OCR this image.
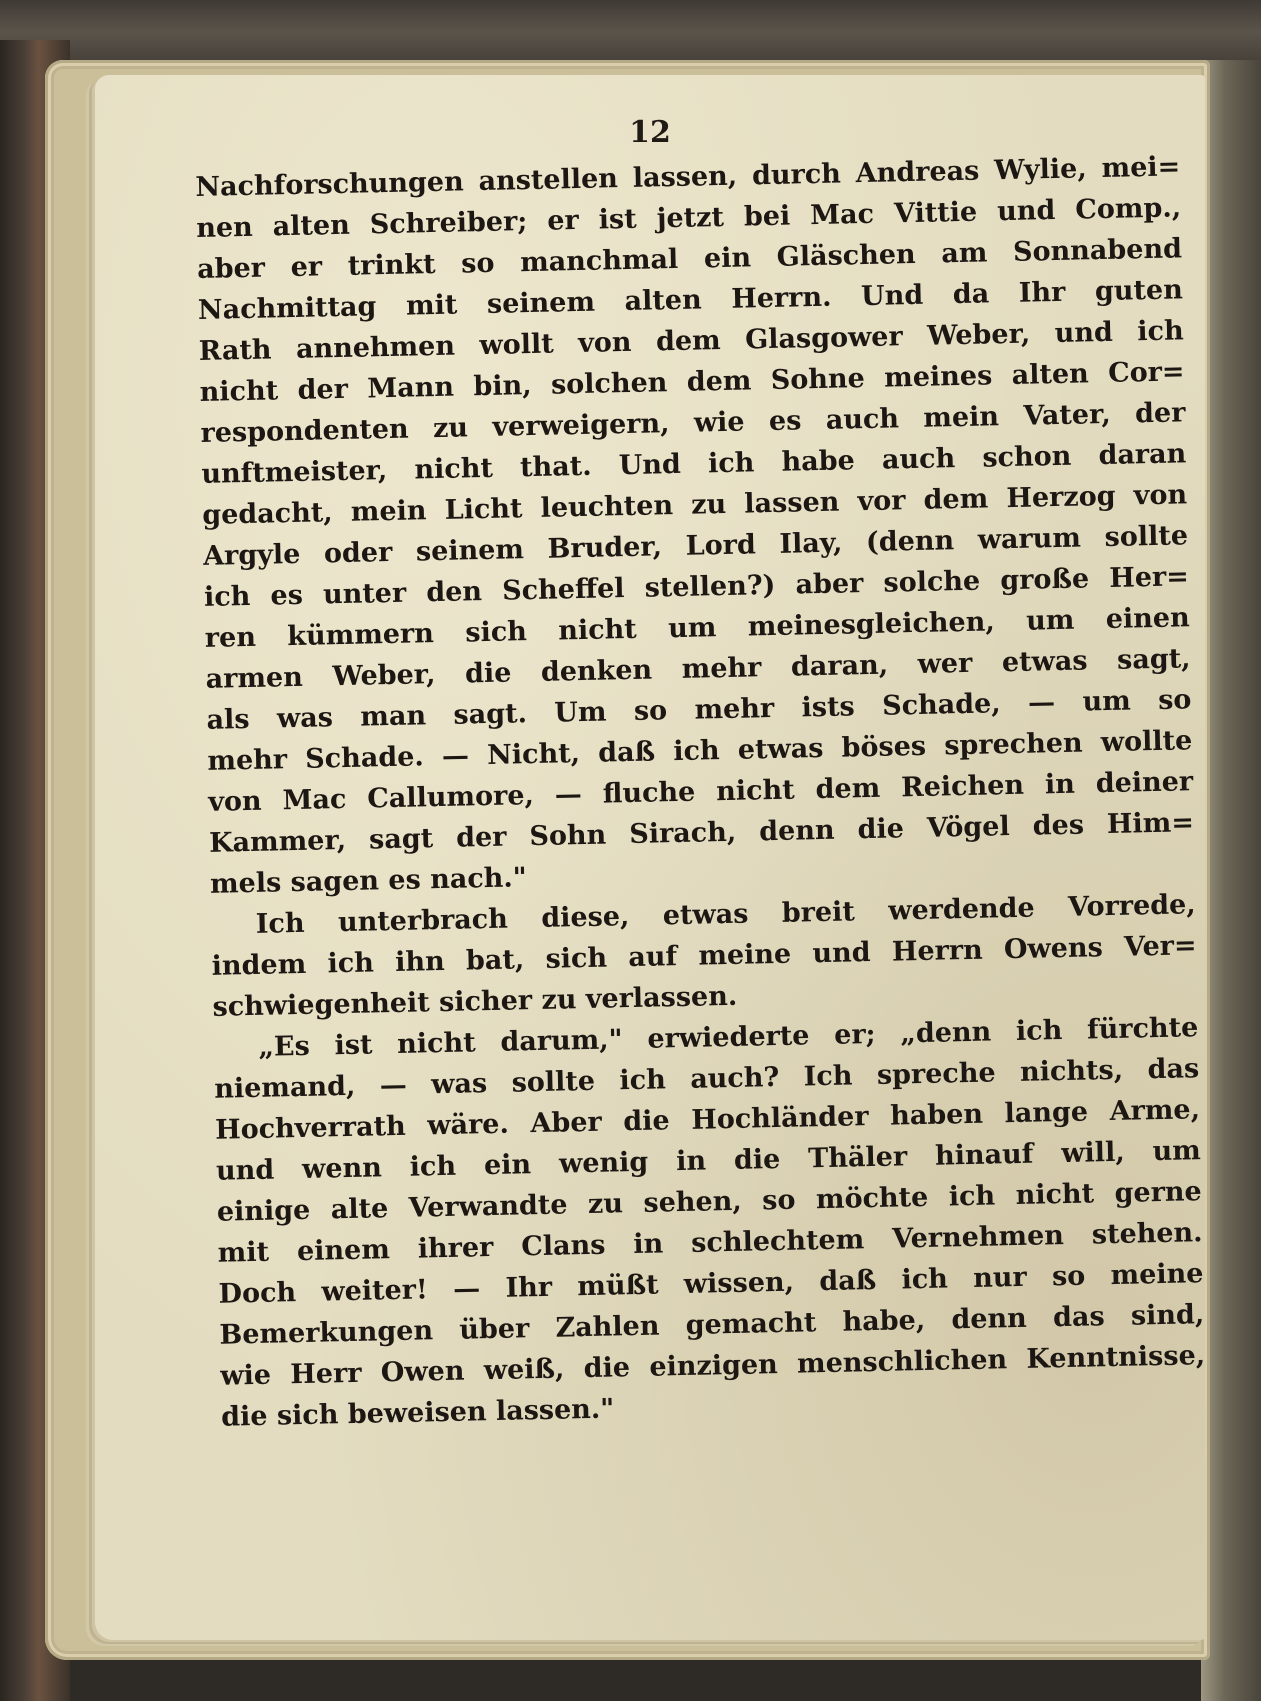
12
Nachforschungen anstellen lassen, durch Andreas Wylie, mei=
nen alten Schreiber; er ist jetzt bei Mac Vittie und Comp.,
aber er trinkt so manchmal ein Gläschen am Sonnabend
Nachmittag mit seinem alten Herrn. Und da Ihr guten
Rath annehmen wollt von dem Glasgower Weber, und ich
nicht der Mann bin, solchen dem Sohne meines alten Cor=
respondenten zu verweigern, wie es auch mein Vater, der
unftmeister, nicht that. Und ich habe auch schon daran
gedacht, mein Licht leuchten zu lassen vor dem Herzog von
Argyle oder seinem Bruder, Lord Ilay, (denn warum sollte
ich es unter den Scheffel stellen?) aber solche große Her=
ren kümmern sich nicht um meinesgleichen, um einen
armen Weber, die denken mehr daran, wer etwas sagt,
als was man sagt. Um so mehr ists Schade, — um so
mehr Schade. — Nicht, daß ich etwas böses sprechen wollte
von Mac Callumore, — fluche nicht dem Reichen in deiner
Kammer, sagt der Sohn Sirach, denn die Vögel des Him=
mels sagen es nach."
Ich unterbrach diese, etwas breit werdende Vorrede,
indem ich ihn bat, sich auf meine und Herrn Owens Ver=
schwiegenheit sicher zu verlassen.
„Es ist nicht darum," erwiederte er; „denn ich fürchte
niemand, — was sollte ich auch? Ich spreche nichts, das
Hochverrath wäre. Aber die Hochländer haben lange Arme,
und wenn ich ein wenig in die Thäler hinauf will, um
einige alte Verwandte zu sehen, so möchte ich nicht gerne
mit einem ihrer Clans in schlechtem Vernehmen stehen.
Doch weiter! — Ihr müßt wissen, daß ich nur so meine
Bemerkungen über Zahlen gemacht habe, denn das sind,
wie Herr Owen weiß, die einzigen menschlichen Kenntnisse,
die sich beweisen lassen."
